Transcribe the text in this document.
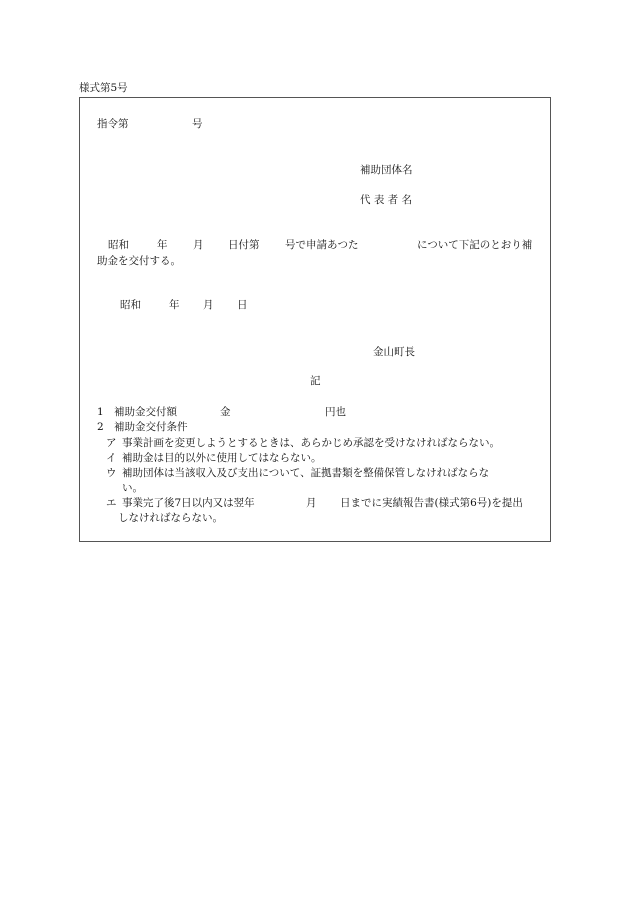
様式第5号
指令第	号
補助団体名
代 表 者 名
昭和	年 月 日付第 号で申請あつた	について下記のとおり補
助金を交付する。
昭和	年 月 日
金山町長
記
1 補助金交付額	金	円也
2 補助金交付条件
ア 事業計画を変更しようとするときは、あらかじめ承認を受けなければならない。
イ 補助金は目的以外に使用してはならない。
ウ 補助団体は当該収入及び支出について、証拠書類を整備保管しなければならな
い。
エ 事業完了後7日以内又は翌年	月 日までに実績報告書(様式第6号)を提出
しなければならない。
